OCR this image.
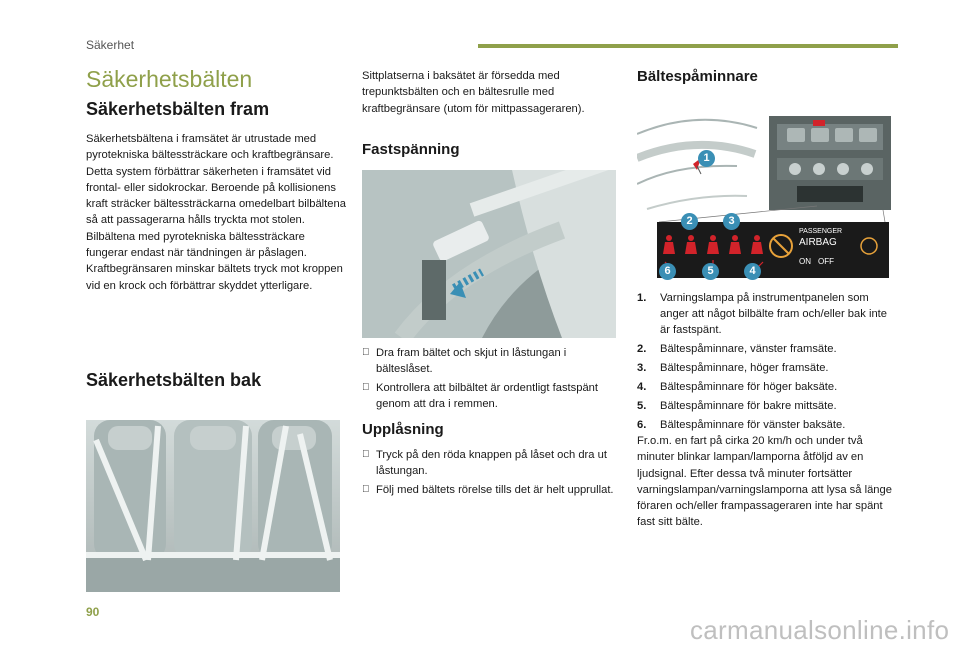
Säkerhet
Säkerhetsbälten
Säkerhetsbälten fram

Säkerhetsbältena i framsätet är utrustade med pyrotekniska bältessträckare och kraftbegränsare.

Detta system förbättrar säkerheten i framsätet vid frontal- eller sidokrockar. Beroende på kollisionens kraft sträcker bältessträckarna omedelbart bilbältena så att passagerarna hålls tryckta mot stolen.

Bilbältena med pyrotekniska bältessträckare fungerar endast när tändningen är påslagen.

Kraftbegränsaren minskar bältets tryck mot kroppen vid en krock och förbättrar skyddet ytterligare.

Säkerhetsbälten bak
Sittplatserna i baksätet är försedda med trepunktsbälten och en bältesrulle med kraftbegränsare (utom för mittpassageraren).
Fastspänning
Dra fram bältet och skjut in låstungan i bälteslåset.
Kontrollera att bilbältet är ordentligt fastspänt genom att dra i remmen.
Upplåsning
Tryck på den röda knappen på låset och dra ut låstungan.
Följ med bältets rörelse tills det är helt upprullat.
Bältespåminnare
PASSENGER
AIRBAG
ON OFF
1
2	3
4
5
6
1. Varningslampa på instrumentpanelen som anger att något bilbälte fram och/eller bak inte är fastspänt.
2. Bältespåminnare, vänster framsäte.
3. Bältespåminnare, höger framsäte.
4. Bältespåminnare för höger baksäte.
5. Bältespåminnare för bakre mittsäte.
6. Bältespåminnare för vänster baksäte.
Fr.o.m. en fart på cirka 20 km/h och under två minuter blinkar lampan/lamporna åtföljd av en ljudsignal. Efter dessa två minuter fortsätter varningslampan/varningslamporna att lysa så länge föraren och/eller frampassageraren inte har spänt fast sitt bälte.
90
carmanualsonline.info
